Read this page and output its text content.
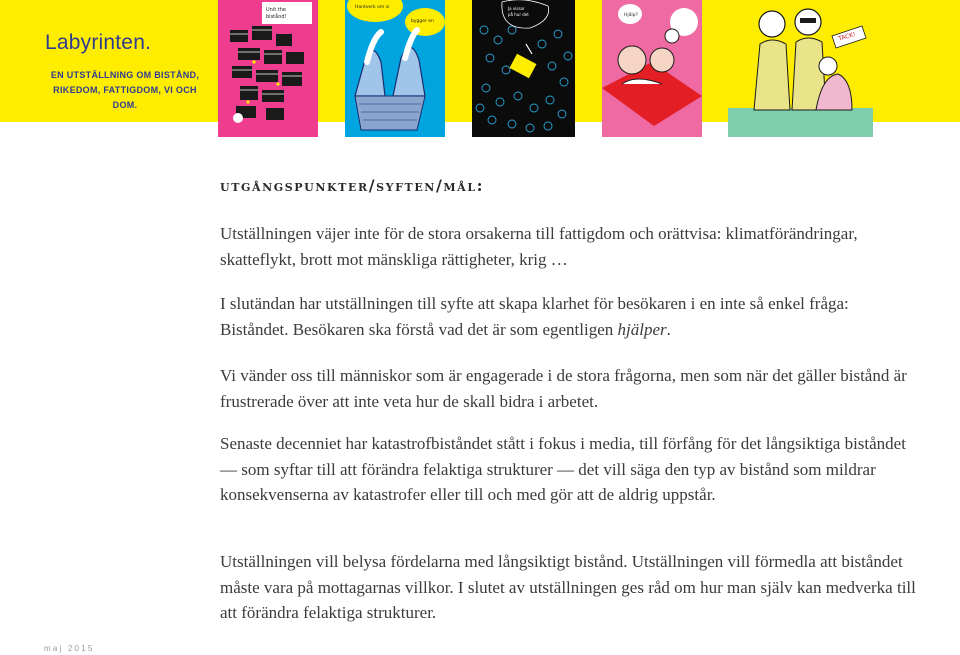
Labyrinten.
EN UTSTÄLLNING OM BISTÅND, RIKEDOM, FATTIGDOM, VI OCH DOM.
Unit the
bistånd!
Hantverk om vi
bygger en
Ja vissar
på hur det	Hjälp?
TACK!
utgångspunkter/syften/mål:

Utställningen väjer inte för de stora orsakerna till fattigdom och orättvisa: klimatförändringar, skatteflykt, brott mot mänskliga rättigheter, krig …

I slutändan har utställningen till syfte att skapa klarhet för besökaren i en inte så enkel fråga: Biståndet. Besökaren ska förstå vad det är som egentligen hjälper.

Vi vänder oss till människor som är engagerade i de stora frågorna, men som när det gäller bistånd är frustrerade över att inte veta hur de skall bidra i arbetet.

Senaste decenniet har katastrofbiståndet stått i fokus i media, till förfång för det långsiktiga biståndet — som syftar till att förändra felaktiga strukturer — det vill säga den typ av bistånd som mildrar konsekvenserna av katastrofer eller till och med gör att de aldrig uppstår.

Utställningen vill belysa fördelarna med långsiktigt bistånd. Utställningen vill förmedla att biståndet måste vara på mottagarnas villkor. I slutet av utställningen ges råd om hur man själv kan medverka till att förändra felaktiga strukturer.

maj 2015
